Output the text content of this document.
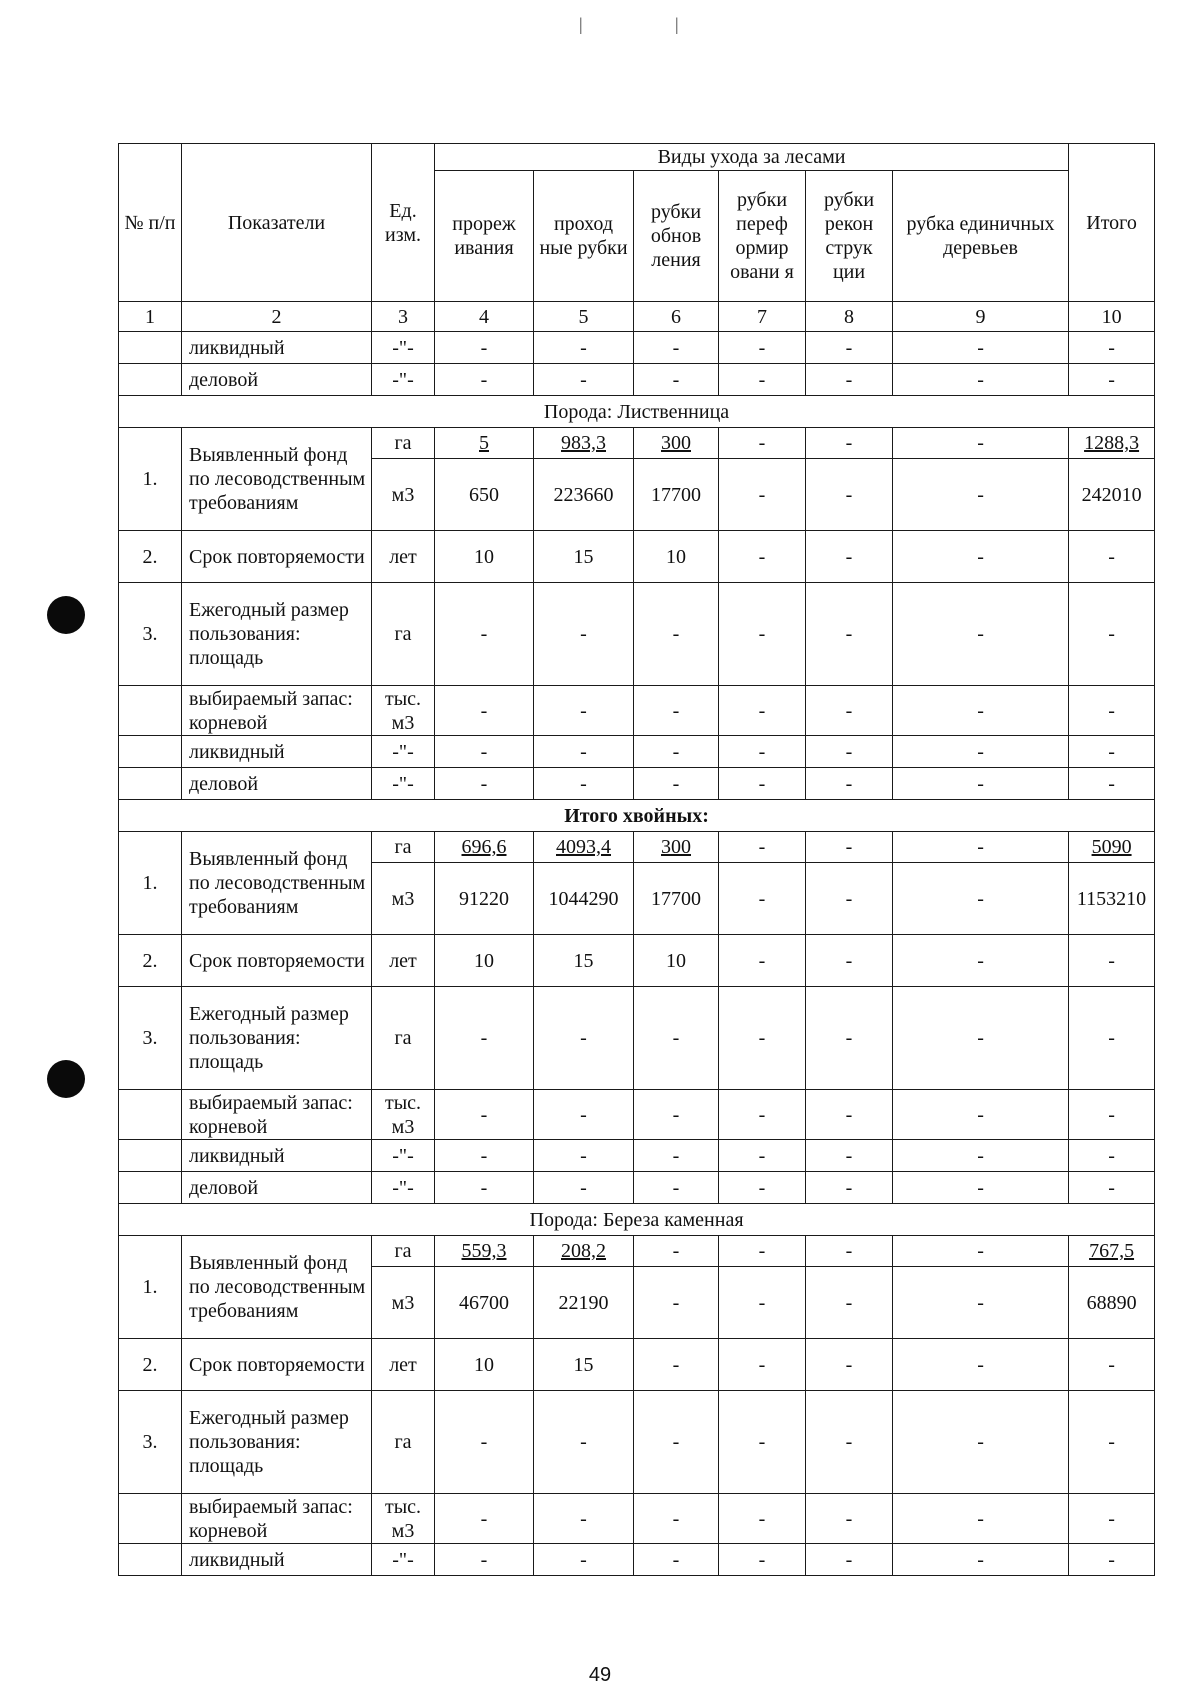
|	|
№ п/п	Показатели	Ед. изм.	Виды ухода за лесами						Итого
			прореж ивания	проход ные рубки	рубки обнов ления	рубки переф ормир овани я	рубки рекон струк ции	рубка единичных деревьев	
1	2	3	4	5	6	7	8	9	10
	ликвидный	-"-	-	-	-	-	-	-	-
	деловой	-"-	-	-	-	-	-	-	-
Порода: Лиственница									
1.	Выявленный фонд по лесоводственным требованиям	га	5	983,3	300	-	-	-	1288,3
		м3	650	223660	17700	-	-	-	242010
2.	Срок повторяемости	лет	10	15	10	-	-	-	-
3.	Ежегодный размер пользования: площадь	га	-	-	-	-	-	-	-
	выбираемый запас: корневой	тыс. м3	-	-	-	-	-	-	-
	ликвидный	-"-	-	-	-	-	-	-	-
	деловой	-"-	-	-	-	-	-	-	-
Итого хвойных:									
1.	Выявленный фонд по лесоводственным требованиям	га	696,6	4093,4	300	-	-	-	5090
		м3	91220	1044290	17700	-	-	-	1153210
2.	Срок повторяемости	лет	10	15	10	-	-	-	-
3.	Ежегодный размер пользования: площадь	га	-	-	-	-	-	-	-
	выбираемый запас: корневой	тыс. м3	-	-	-	-	-	-	-
	ликвидный	-"-	-	-	-	-	-	-	-
	деловой	-"-	-	-	-	-	-	-	-
Порода: Береза каменная									
1.	Выявленный фонд по лесоводственным требованиям	га	559,3	208,2	-	-	-	-	767,5
		м3	46700	22190	-	-	-	-	68890
2.	Срок повторяемости	лет	10	15	-	-	-	-	-
3.	Ежегодный размер пользования: площадь	га	-	-	-	-	-	-	-
	выбираемый запас: корневой	тыс. м3	-	-	-	-	-	-	-
	ликвидный	-"-	-	-	-	-	-	-	-
49
